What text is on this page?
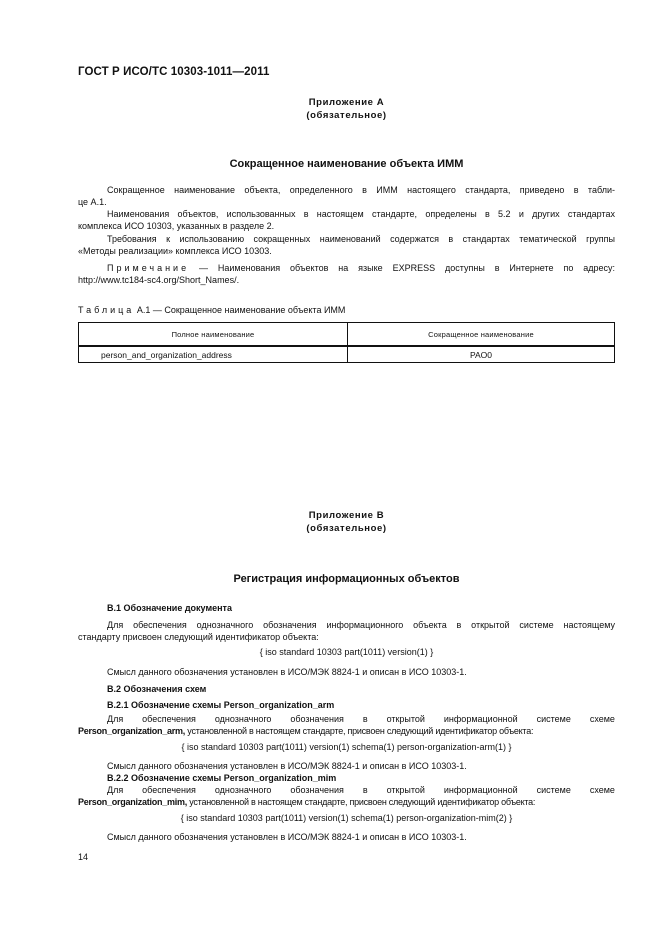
ГОСТ Р ИСО/ТС 10303-1011—2011
Приложение А
(обязательное)
Сокращенное наименование объекта ИММ
Сокращенное наименование объекта, определенного в ИММ настоящего стандарта, приведено в табли-
це А.1.
Наименования объектов, использованных в настоящем стандарте, определены в 5.2 и других стандартах
комплекса ИСО 10303, указанных в разделе 2.
Требования к использованию сокращенных наименований содержатся в стандартах тематической группы
«Методы реализации» комплекса ИСО 10303.
Примечание — Наименования объектов на языке EXPRESS доступны в Интернете по адресу:
http://www.tc184-sc4.org/Short_Names/.
Таблица А.1 — Сокращенное наименование объекта ИММ
Полное наименование	Сокращенное наименование
person_and_organization_address	PAO0
Приложение В
(обязательное)
Регистрация информационных объектов
В.1 Обозначение документа
Для обеспечения однозначного обозначения информационного объекта в открытой системе настоящему
стандарту присвоен следующий идентификатор объекта:
{ iso standard 10303 part(1011) version(1) }
Смысл данного обозначения установлен в ИСО/МЭК 8824-1 и описан в ИСО 10303-1.
В.2 Обозначения схем
В.2.1 Обозначение схемы Person_organization_arm
Для обеспечения однозначного обозначения в открытой информационной системе схеме
Person_organization_arm, установленной в настоящем стандарте, присвоен следующий идентификатор объекта:
{ iso standard 10303 part(1011) version(1) schema(1) person-organization-arm(1) }
Смысл данного обозначения установлен в ИСО/МЭК 8824-1 и описан в ИСО 10303-1.
В.2.2 Обозначение схемы Person_organization_mim
Для обеспечения однозначного обозначения в открытой информационной системе схеме
Person_organization_mim, установленной в настоящем стандарте, присвоен следующий идентификатор объекта:
{ iso standard 10303 part(1011) version(1) schema(1) person-organization-mim(2) }
Смысл данного обозначения установлен в ИСО/МЭК 8824-1 и описан в ИСО 10303-1.
14
